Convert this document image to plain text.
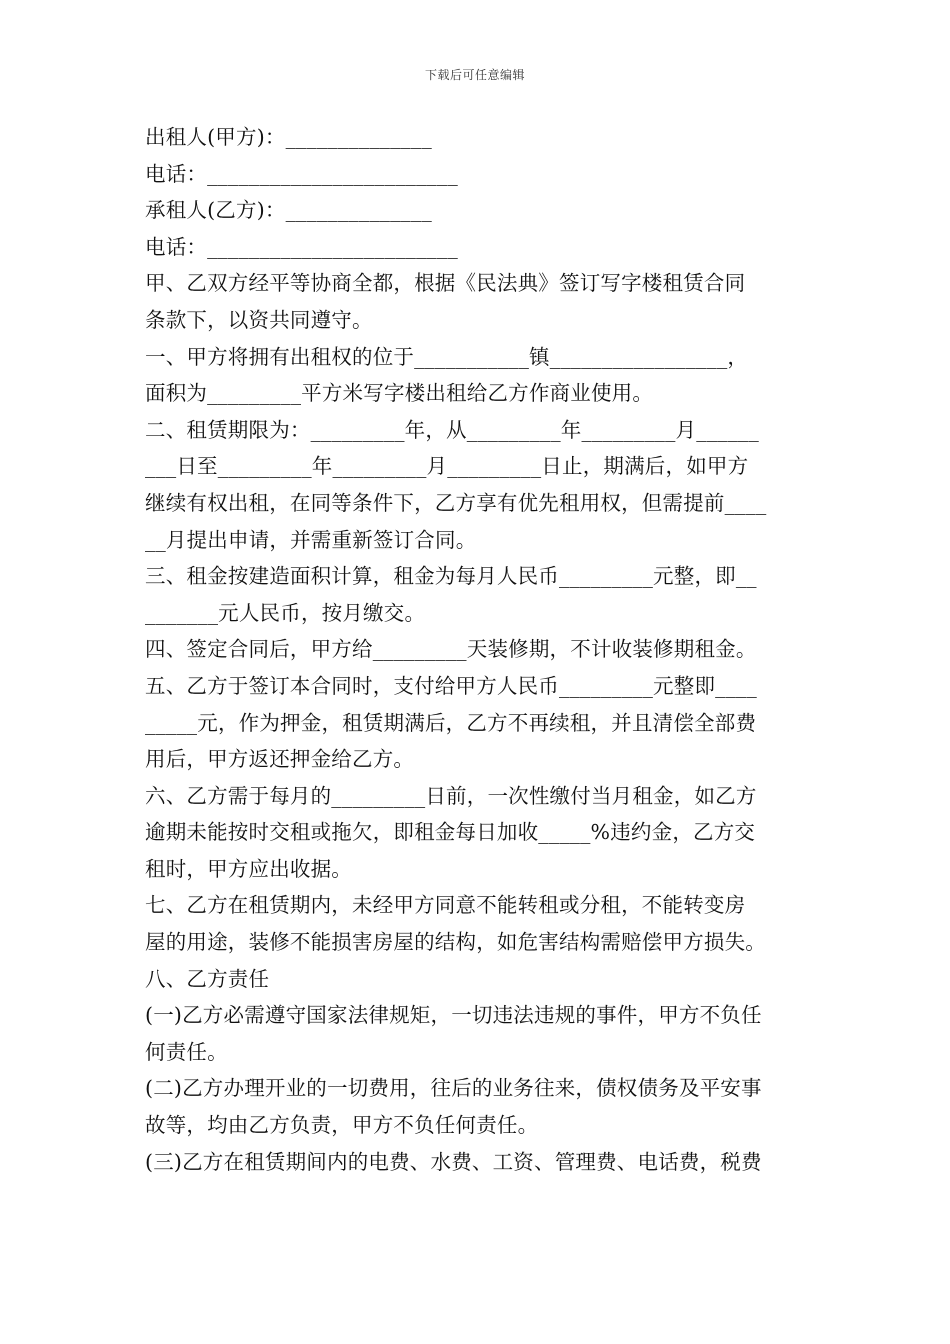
下载后可任意编辑
出租人(甲方)：______________
电话：________________________
承租人(乙方)：______________
电话：________________________
甲、乙双方经平等协商全都，根据《民法典》签订写字楼租赁合同
条款下，以资共同遵守。
一、甲方将拥有出租权的位于___________镇_________________，
面积为_________平方米写字楼出租给乙方作商业使用。
二、租赁期限为：_________年，从_________年_________月______
___日至_________年_________月_________日止，期满后，如甲方
继续有权出租，在同等条件下，乙方享有优先租用权，但需提前____
__月提出申请，并需重新签订合同。
三、租金按建造面积计算，租金为每月人民币_________元整，即__
_______元人民币，按月缴交。
四、签定合同后，甲方给_________天装修期，不计收装修期租金。
五、乙方于签订本合同时，支付给甲方人民币_________元整即____
_____元，作为押金，租赁期满后，乙方不再续租，并且清偿全部费
用后，甲方返还押金给乙方。
六、乙方需于每月的_________日前，一次性缴付当月租金，如乙方
逾期未能按时交租或拖欠，即租金每日加收_____%违约金，乙方交
租时，甲方应出收据。
七、乙方在租赁期内，未经甲方同意不能转租或分租，不能转变房
屋的用途，装修不能损害房屋的结构，如危害结构需赔偿甲方损失。
八、乙方责任
(一)乙方必需遵守国家法律规矩，一切违法违规的事件，甲方不负任
何责任。
(二)乙方办理开业的一切费用，往后的业务往来，债权债务及平安事
故等，均由乙方负责，甲方不负任何责任。
(三)乙方在租赁期间内的电费、水费、工资、管理费、电话费，税费
